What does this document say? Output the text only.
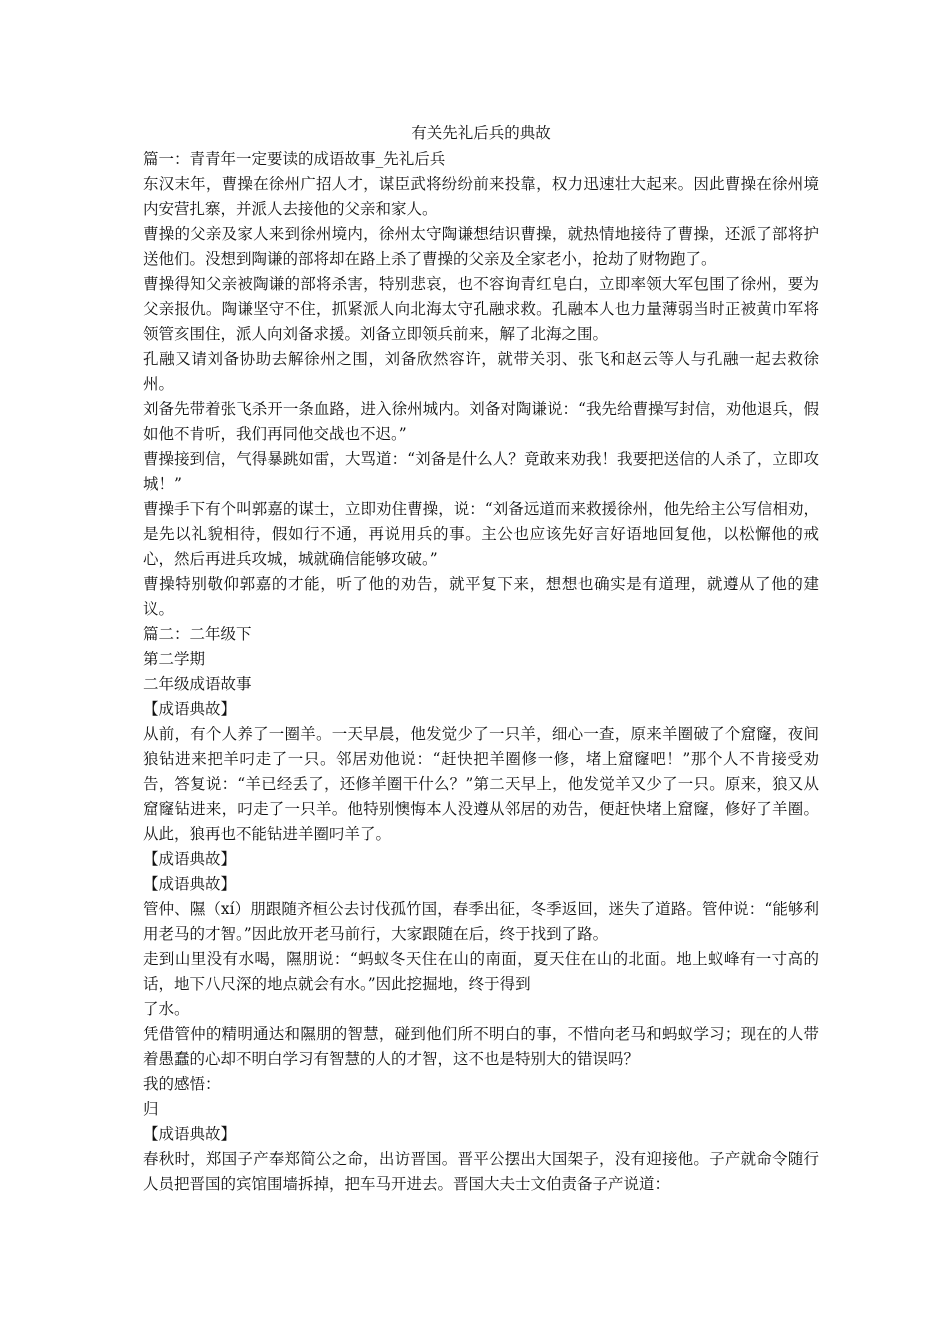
有关先礼后兵的典故

篇一：青青年一定要读的成语故事_先礼后兵

东汉末年，曹操在徐州广招人才，谋臣武将纷纷前来投靠，权力迅速壮大起来。因此曹操在徐州境内安营扎寨，并派人去接他的父亲和家人。

曹操的父亲及家人来到徐州境内，徐州太守陶谦想结识曹操，就热情地接待了曹操，还派了部将护送他们。没想到陶谦的部将却在路上杀了曹操的父亲及全家老小，抢劫了财物跑了。

曹操得知父亲被陶谦的部将杀害，特别悲哀，也不容询青红皂白，立即率领大军包围了徐州，要为父亲报仇。陶谦坚守不住，抓紧派人向北海太守孔融求救。孔融本人也力量薄弱当时正被黄巾军将领管亥围住，派人向刘备求援。刘备立即领兵前来，解了北海之围。

孔融又请刘备协助去解徐州之围，刘备欣然容许，就带关羽、张飞和赵云等人与孔融一起去救徐州。

刘备先带着张飞杀开一条血路，进入徐州城内。刘备对陶谦说：“我先给曹操写封信，劝他退兵，假如他不肯听，我们再同他交战也不迟。”

曹操接到信，气得暴跳如雷，大骂道：“刘备是什么人？竟敢来劝我！我要把送信的人杀了，立即攻城！”

曹操手下有个叫郭嘉的谋士，立即劝住曹操，说：“刘备远道而来救援徐州，他先给主公写信相劝，是先以礼貌相待，假如行不通，再说用兵的事。主公也应该先好言好语地回复他，以松懈他的戒心，然后再进兵攻城，城就确信能够攻破。”

曹操特别敬仰郭嘉的才能，听了他的劝告，就平复下来，想想也确实是有道理，就遵从了他的建议。

篇二：二年级下

第二学期

二年级成语故事

【成语典故】

从前，有个人养了一圈羊。一天早晨，他发觉少了一只羊，细心一查，原来羊圈破了个窟窿，夜间狼钻进来把羊叼走了一只。邻居劝他说：“赶快把羊圈修一修，堵上窟窿吧！”那个人不肯接受劝告，答复说：“羊已经丢了，还修羊圈干什么？”第二天早上，他发觉羊又少了一只。原来，狼又从窟窿钻进来，叼走了一只羊。他特别懊悔本人没遵从邻居的劝告，便赶快堵上窟窿，修好了羊圈。从此，狼再也不能钻进羊圈叼羊了。

【成语典故】

【成语典故】

管仲、隰（xí）朋跟随齐桓公去讨伐孤竹国，春季出征，冬季返回，迷失了道路。管仲说：“能够利用老马的才智。”因此放开老马前行，大家跟随在后，终于找到了路。

走到山里没有水喝，隰朋说：“蚂蚁冬天住在山的南面，夏天住在山的北面。地上蚁峰有一寸高的话，地下八尺深的地点就会有水。”因此挖掘地，终于得到

了水。

凭借管仲的精明通达和隰朋的智慧，碰到他们所不明白的事，不惜向老马和蚂蚁学习；现在的人带着愚蠢的心却不明白学习有智慧的人的才智，这不也是特别大的错误吗？

我的感悟：

归

【成语典故】

春秋时，郑国子产奉郑简公之命，出访晋国。晋平公摆出大国架子，没有迎接他。子产就命令随行人员把晋国的宾馆围墙拆掉，把车马开进去。晋国大夫士文伯责备子产说道：
